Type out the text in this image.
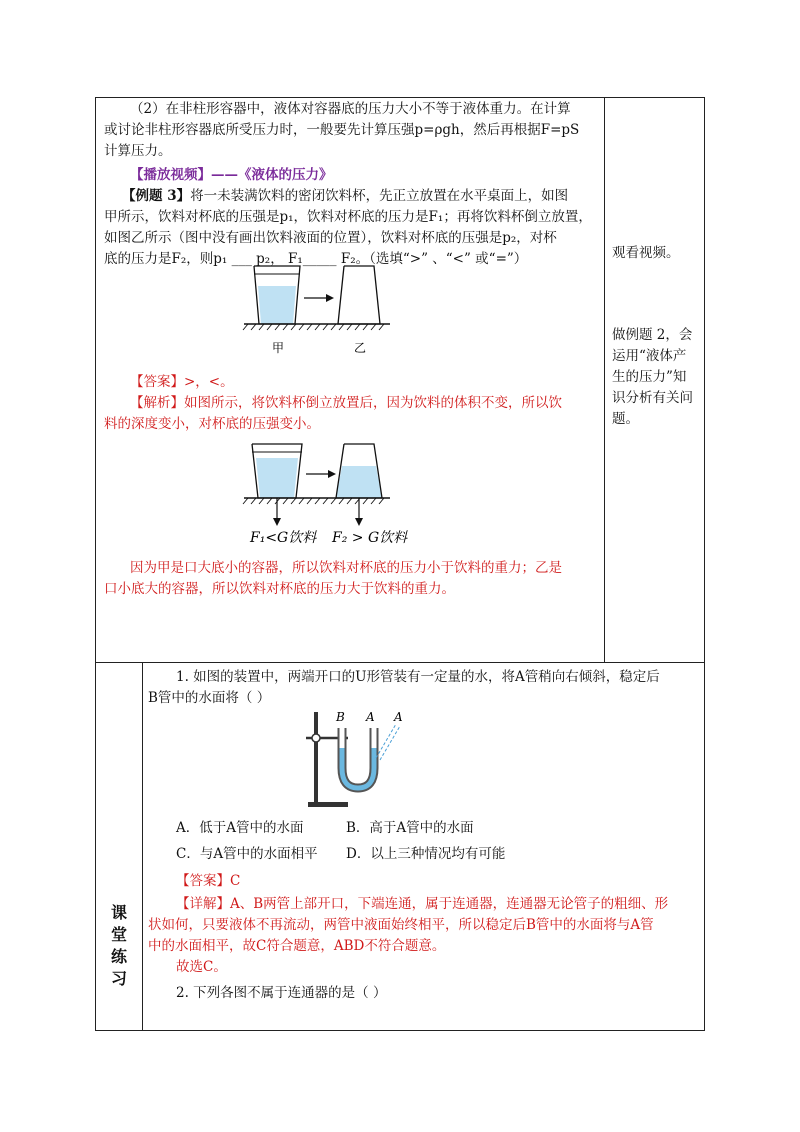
（2）在非柱形容器中，液体对容器底的压力大小不等于液体重力。在计算
或讨论非柱形容器底所受压力时，一般要先计算压强p=ρgh，然后再根据F=pS
计算压力。
【播放视频】——《液体的压力》
【例题 3】将一未装满饮料的密闭饮料杯，先正立放置在水平桌面上，如图
甲所示，饮料对杯底的压强是p₁，饮料对杯底的压力是F₁；再将饮料杯倒立放置，
如图乙所示（图中没有画出饮料液面的位置），饮料对杯底的压强是p₂，对杯
底的压力是F₂，则p₁ ___ p₂， F₁_____ F₂。（选填“>” 、“<” 或“=”）
甲	乙
【答案】>，<。
【解析】如图所示，将饮料杯倒立放置后，因为饮料的体积不变，所以饮
料的深度变小，对杯底的压强变小。
F₁<G饮料 F₂ > G饮料
因为甲是口大底小的容器，所以饮料对杯底的压力小于饮料的重力；乙是
口小底大的容器，所以饮料对杯底的压力大于饮料的重力。
观看视频。
做例题 2，会
运用“液体产
生的压力”知
识分析有关问
题。
课
堂
练
习
1. 如图的装置中，两端开口的U形管装有一定量的水，将A管稍向右倾斜，稳定后
B管中的水面将（ ）
B A A
A．低于A管中的水面	B．高于A管中的水面
C．与A管中的水面相平 D．以上三种情况均有可能
【答案】C
【详解】A、B两管上部开口，下端连通，属于连通器，连通器无论管子的粗细、形
状如何，只要液体不再流动，两管中液面始终相平，所以稳定后B管中的水面将与A管
中的水面相平，故C符合题意，ABD不符合题意。
故选C。
2. 下列各图不属于连通器的是（ ）
